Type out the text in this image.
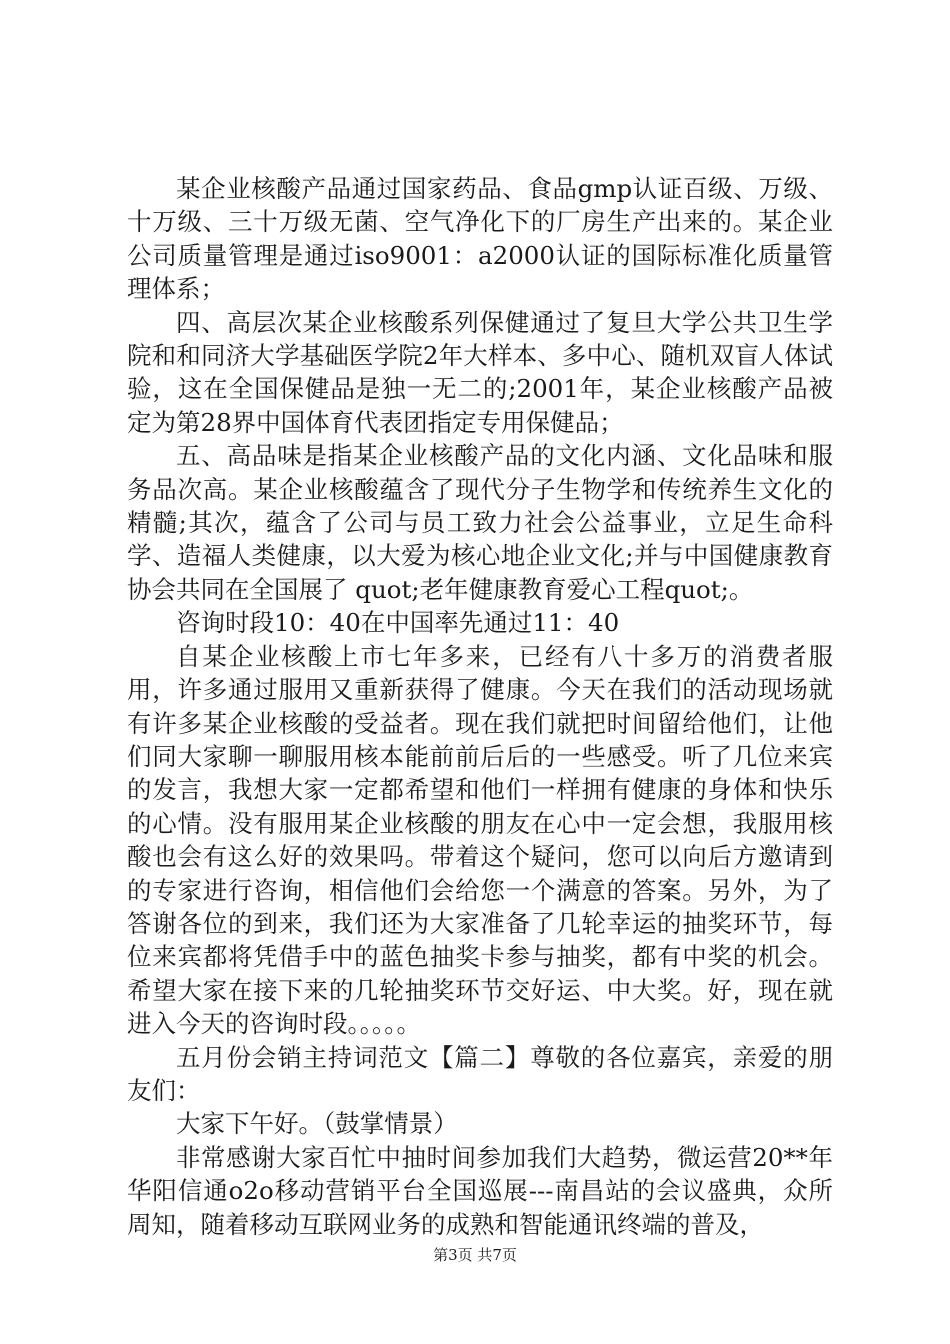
某企业核酸产品通过国家药品、食品gmp认证百级、万级、十万级、三十万级无菌、空气净化下的厂房生产出来的。某企业公司质量管理是通过iso9001：a2000认证的国际标准化质量管理体系；

四、高层次某企业核酸系列保健通过了复旦大学公共卫生学院和和同济大学基础医学院2年大样本、多中心、随机双盲人体试验，这在全国保健品是独一无二的;2001年，某企业核酸产品被定为第28界中国体育代表团指定专用保健品；

五、高品味是指某企业核酸产品的文化内涵、文化品味和服务品次高。某企业核酸蕴含了现代分子生物学和传统养生文化的精髓;其次，蕴含了公司与员工致力社会公益事业，立足生命科学、造福人类健康，以大爱为核心地企业文化;并与中国健康教育协会共同在全国展了 quot;老年健康教育爱心工程quot;。

咨询时段10：40在中国率先通过11：40

自某企业核酸上市七年多来，已经有八十多万的消费者服用，许多通过服用又重新获得了健康。今天在我们的活动现场就有许多某企业核酸的受益者。现在我们就把时间留给他们，让他们同大家聊一聊服用核本能前前后后的一些感受。听了几位来宾的发言，我想大家一定都希望和他们一样拥有健康的身体和快乐的心情。没有服用某企业核酸的朋友在心中一定会想，我服用核酸也会有这么好的效果吗。带着这个疑问，您可以向后方邀请到的专家进行咨询，相信他们会给您一个满意的答案。另外，为了答谢各位的到来，我们还为大家准备了几轮幸运的抽奖环节，每位来宾都将凭借手中的蓝色抽奖卡参与抽奖，都有中奖的机会。希望大家在接下来的几轮抽奖环节交好运、中大奖。好，现在就进入今天的咨询时段。。。。。

五月份会销主持词范文【篇二】尊敬的各位嘉宾，亲爱的朋友们：

大家下午好。（鼓掌情景）

非常感谢大家百忙中抽时间参加我们大趋势，微运营20**年华阳信通o2o移动营销平台全国巡展---南昌站的会议盛典，众所周知，随着移动互联网业务的成熟和智能通讯终端的普及，

第3页 共7页
